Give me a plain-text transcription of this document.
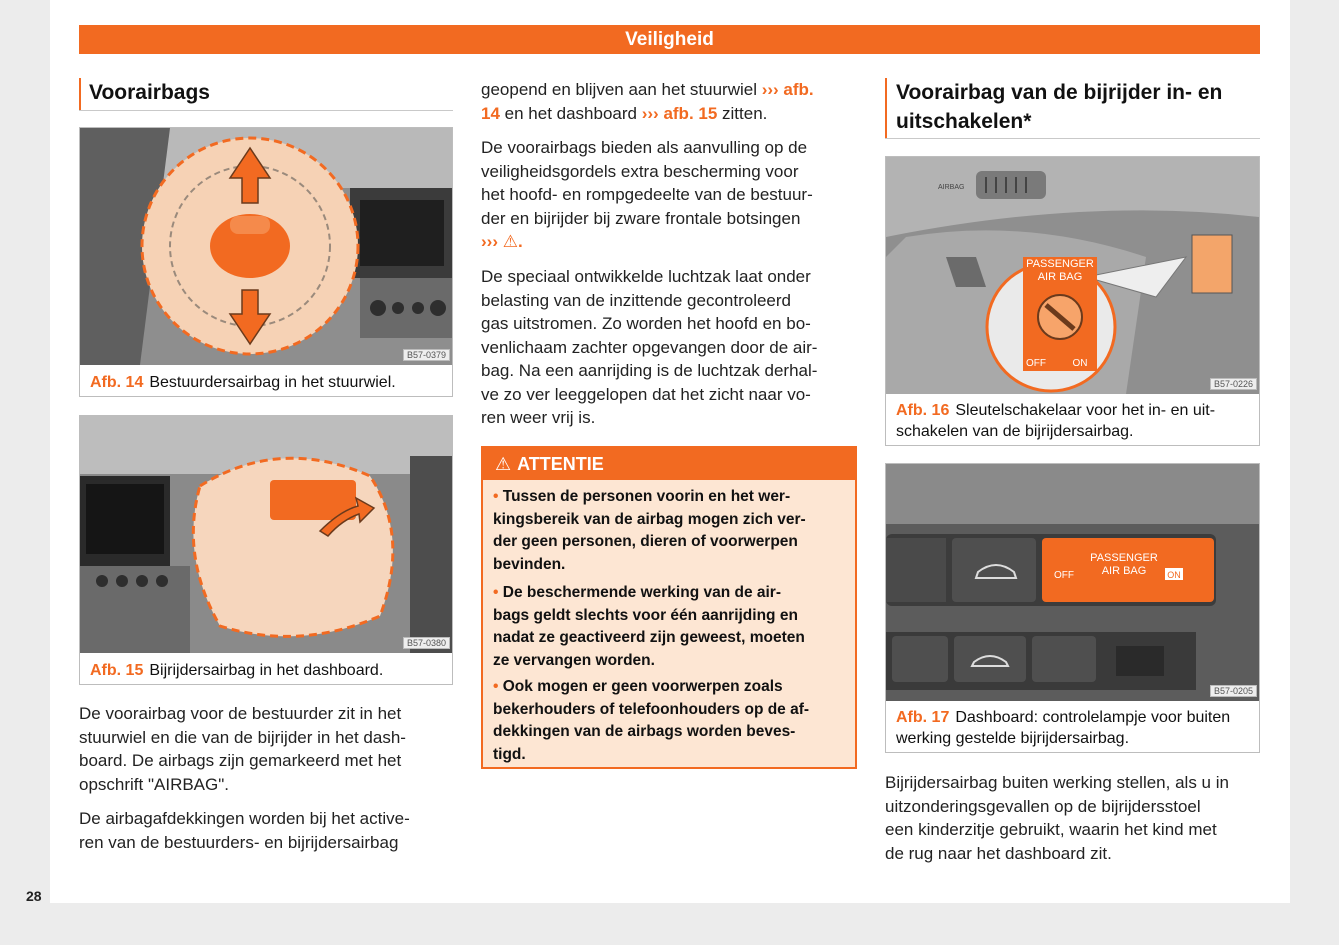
Veiligheid
Voorairbags
B57-0379
Afb. 14 Bestuurdersairbag in het stuurwiel.
B57-0380
Afb. 15 Bijrijdersairbag in het dashboard.
De voorairbag voor de bestuurder zit in het
stuurwiel en die van de bijrijder in het dash-
board. De airbags zijn gemarkeerd met het
opschrift "AIRBAG".
De airbagafdekkingen worden bij het active-
ren van de bestuurders- en bijrijdersairbag
geopend en blijven aan het stuurwiel ››› afb.
14 en het dashboard ››› afb. 15 zitten.
De voorairbags bieden als aanvulling op de
veiligheidsgordels extra bescherming voor
het hoofd- en rompgedeelte van de bestuur-
der en bijrijder bij zware frontale botsingen
››› ⚠.
De speciaal ontwikkelde luchtzak laat onder
belasting van de inzittende gecontroleerd
gas uitstromen. Zo worden het hoofd en bo-
venlichaam zachter opgevangen door de air-
bag. Na een aanrijding is de luchtzak derhal-
ve zo ver leeggelopen dat het zicht naar vo-
ren weer vrij is.
⚠ ATTENTIE
• Tussen de personen voorin en het wer-
kingsbereik van de airbag mogen zich ver-
der geen personen, dieren of voorwerpen
bevinden.
• De beschermende werking van de air-
bags geldt slechts voor één aanrijding en
nadat ze geactiveerd zijn geweest, moeten
ze vervangen worden.
• Ook mogen er geen voorwerpen zoals
bekerhouders of telefoonhouders op de af-
dekkingen van de airbags worden beves-
tigd.
Voorairbag van de bijrijder in- en
uitschakelen*
AIRBAG
PASSENGER
AIR BAG
OFF	ON
B57-0226
Afb. 16 Sleutelschakelaar voor het in- en uit-
schakelen van de bijrijdersairbag.
PASSENGER
AIR BAG
OFF	ON
B57-0205
Afb. 17 Dashboard: controlelampje voor buiten
werking gestelde bijrijdersairbag.
Bijrijdersairbag buiten werking stellen, als u in
uitzonderingsgevallen op de bijrijdersstoel
een kinderzitje gebruikt, waarin het kind met
de rug naar het dashboard zit.
28
